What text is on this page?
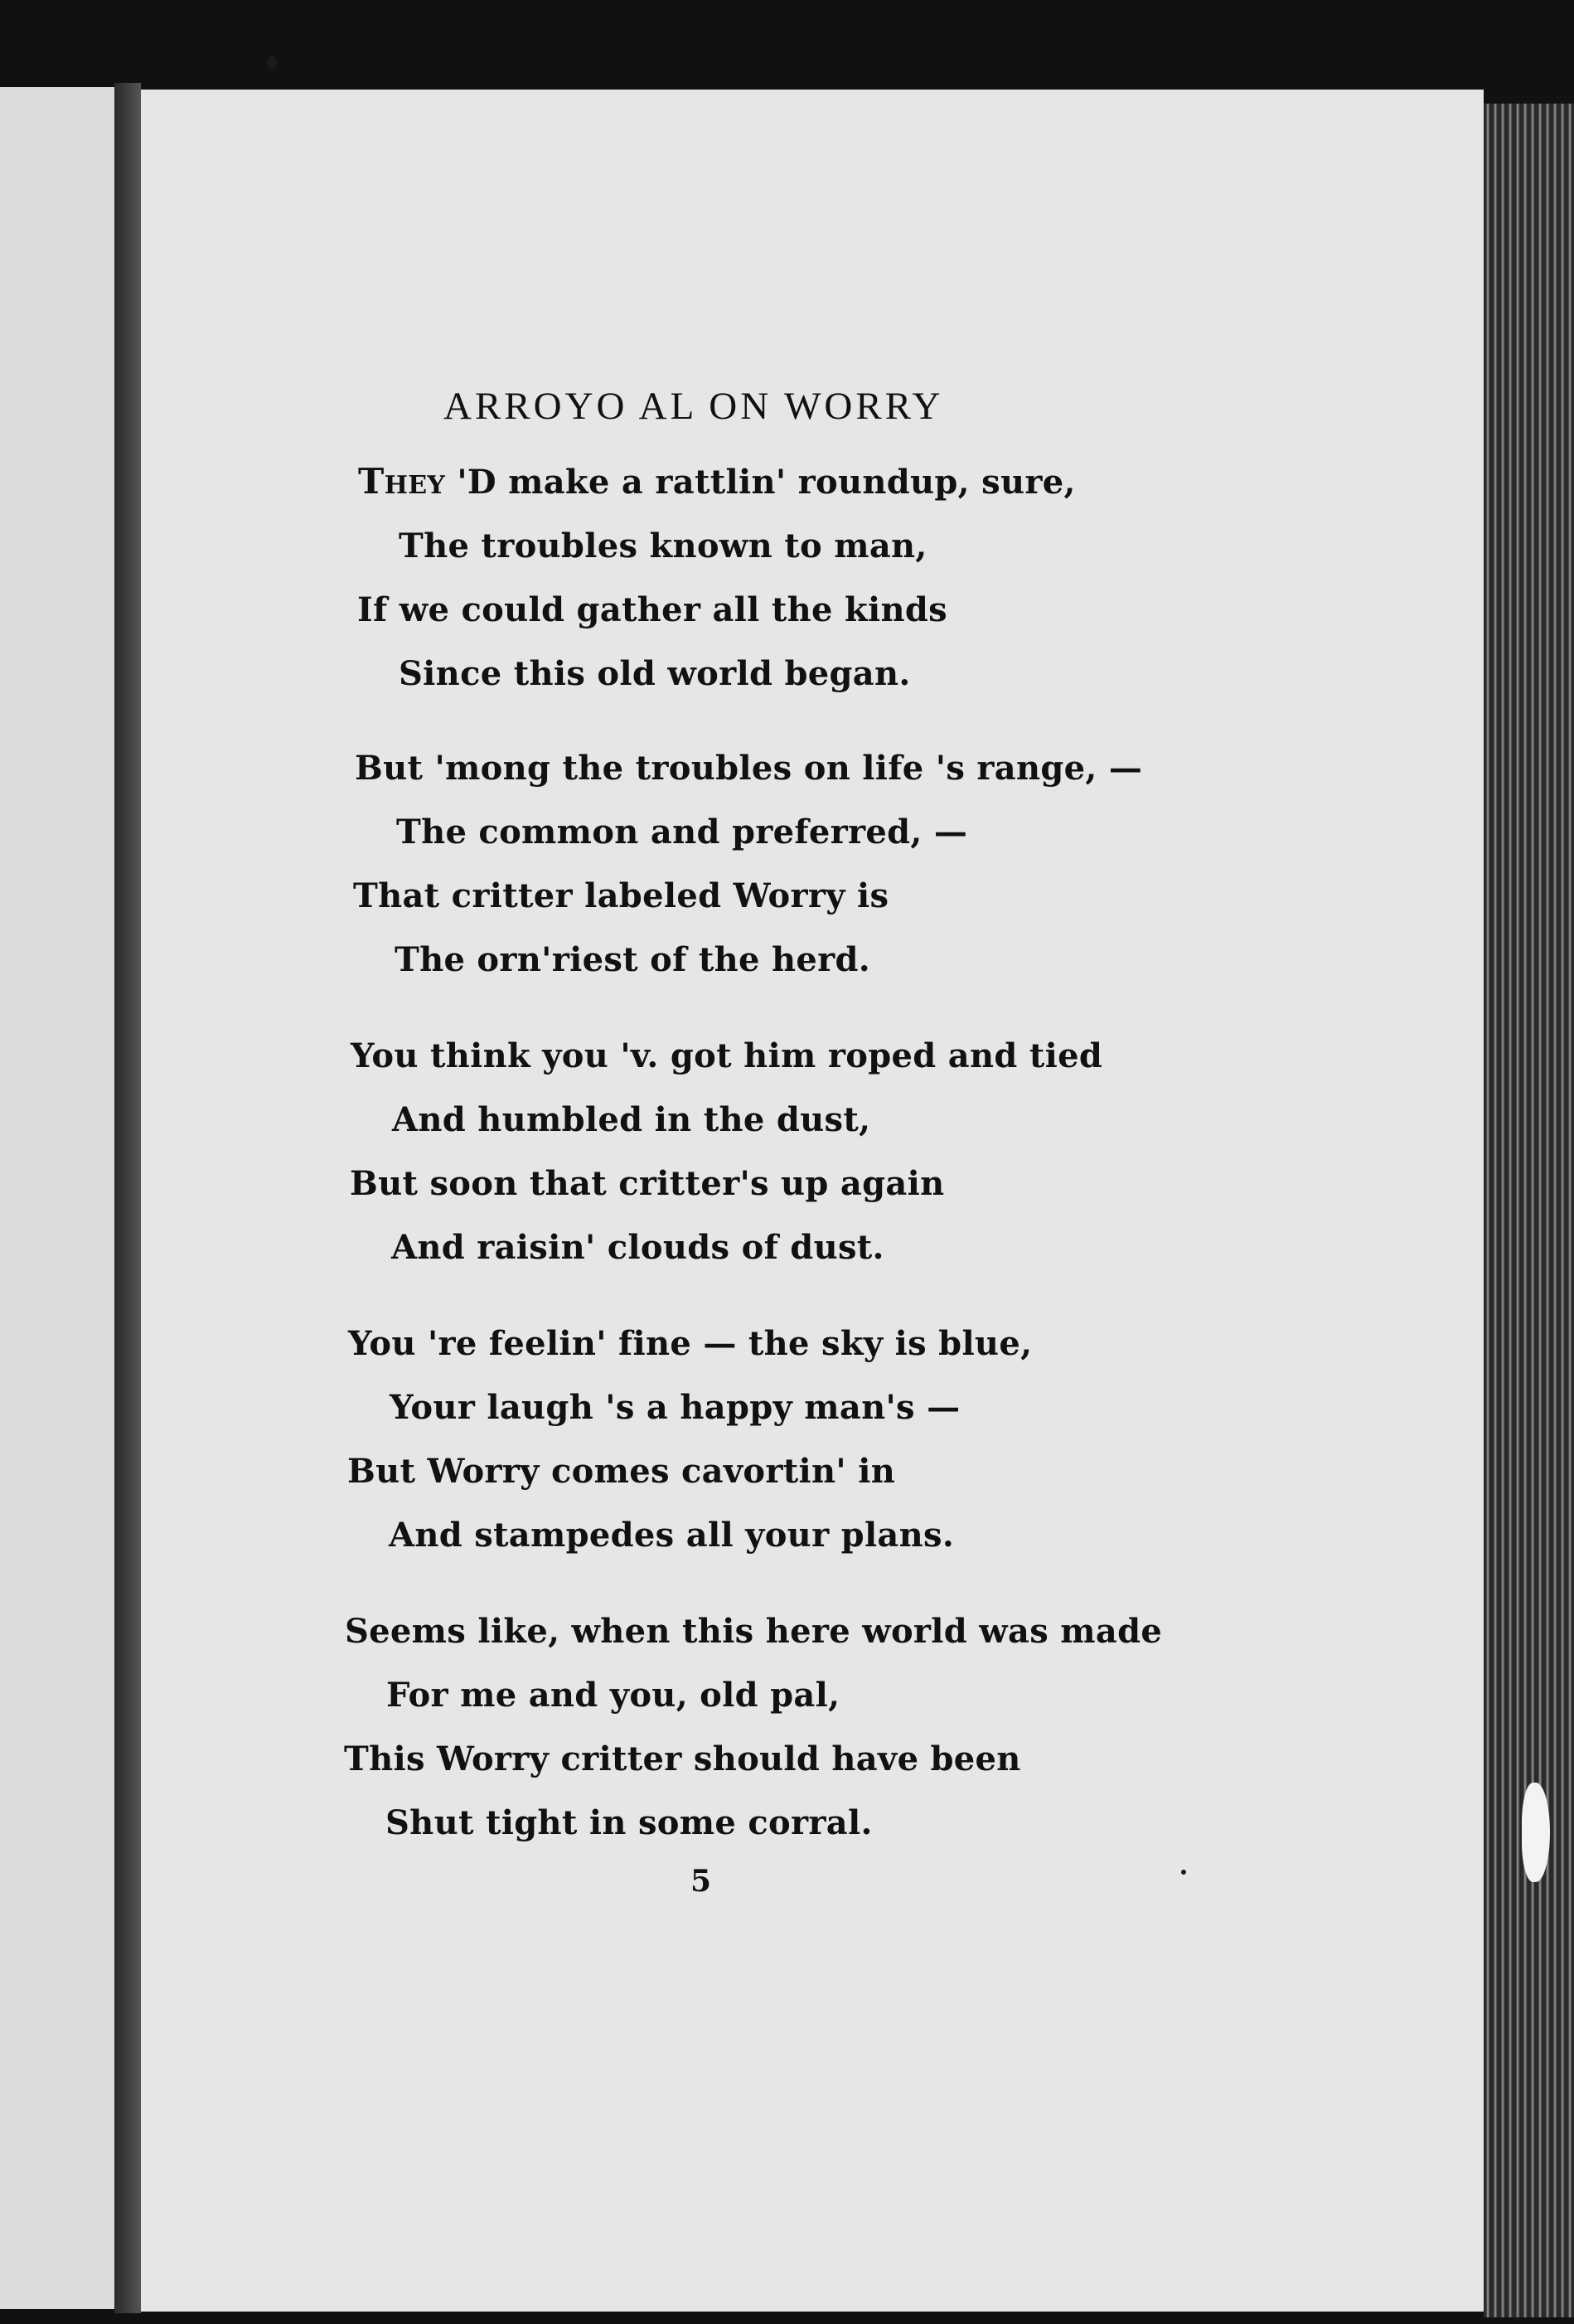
ARROYO AL ON WORRY
THEY 'D make a rattlin' roundup, sure,
The troubles known to man,
If we could gather all the kinds
Since this old world began.
But 'mong the troubles on life 's range, —
The common and preferred, —
That critter labeled Worry is
The orn'riest of the herd.
You think you 'v. got him roped and tied
And humbled in the dust,
But soon that critter's up again
And raisin' clouds of dust.
You 're feelin' fine — the sky is blue,
Your laugh 's a happy man's —
But Worry comes cavortin' in
And stampedes all your plans.
Seems like, when this here world was made
For me and you, old pal,
This Worry critter should have been
Shut tight in some corral.
5
